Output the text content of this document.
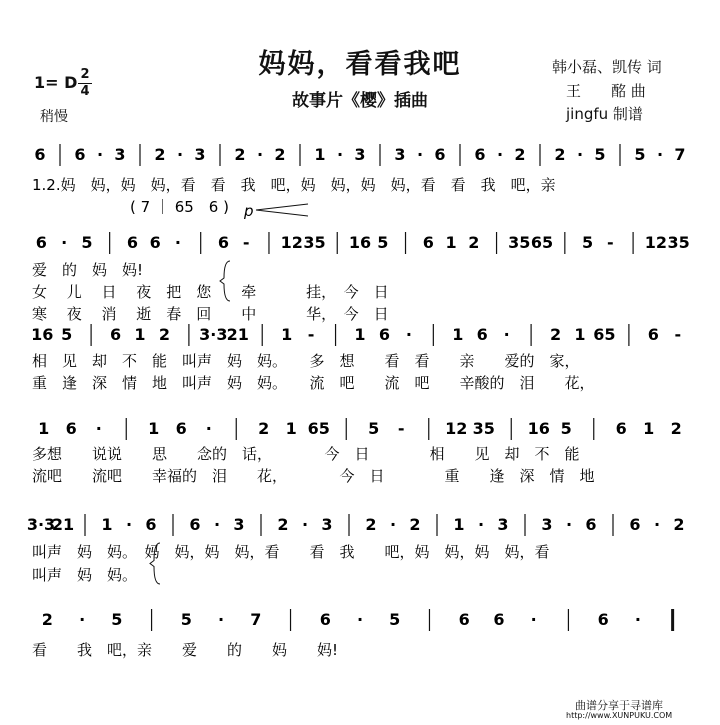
妈妈，看看我吧
故事片《樱》插曲
1= D 2
4
稍慢
韩小磊、凯传 词
王　　酩 曲
jingfu 制谱
6 6 · 3 2 · 3 2 · 2 1 · 3 3 · 6 6 · 2 2 · 5 5 · 7
1.2.妈　妈，妈　妈，看　看　我　吧，妈　妈，妈　妈，看　看　我　吧，亲
( 7 ｜ 65　6 ) p
6 · 5 6 6 · 6 - 12 35 16 5 6 1 2 35 65 5 - 12 35
爱　的　妈　妈!
女　 儿　 日　 夜　把　您　　牵　　　 挂，　今　日
寒　 夜　 消　 逝　春　回　　中　　　 华，　今　日
16 5 6 1 2 3·3 21 1 - 1 6 ·	1 6 ·	2 1 65 6 -
相　见　却　不　能　叫声　妈　妈。　　多　想　　看　看　　亲　　爱的　家，
重　逢　深　情　地　叫声　妈　妈。　　流　吧　　流　吧　　辛酸的　泪　　花，
1 6 ·	1 6 ·	2 1 65 5 -	12 35 16 5	6 1 2
多想　　说说　　思　　念的　话，　　　　今　日　　　　相　　见　却　不　能
流吧　　流吧　　幸福的　泪　　花，　　　　今　日　　　　重　　逢　深　情　地
3·3
21 1 · 6 6 · 3 2 · 3 2 · 2 1 · 3 3 · 6 6 · 2
叫声　妈　妈。　妈　妈，妈　妈，看　　看　我　　吧，妈　妈，妈　妈，看
叫声　妈　妈。
2 · 5	5 · 7	6 · 5	6 6 ·	6 ·
看　　我　吧，亲　　爱　　的　　妈　　妈!
曲谱分享于寻谱库
http://www.XUNPUKU.COM
